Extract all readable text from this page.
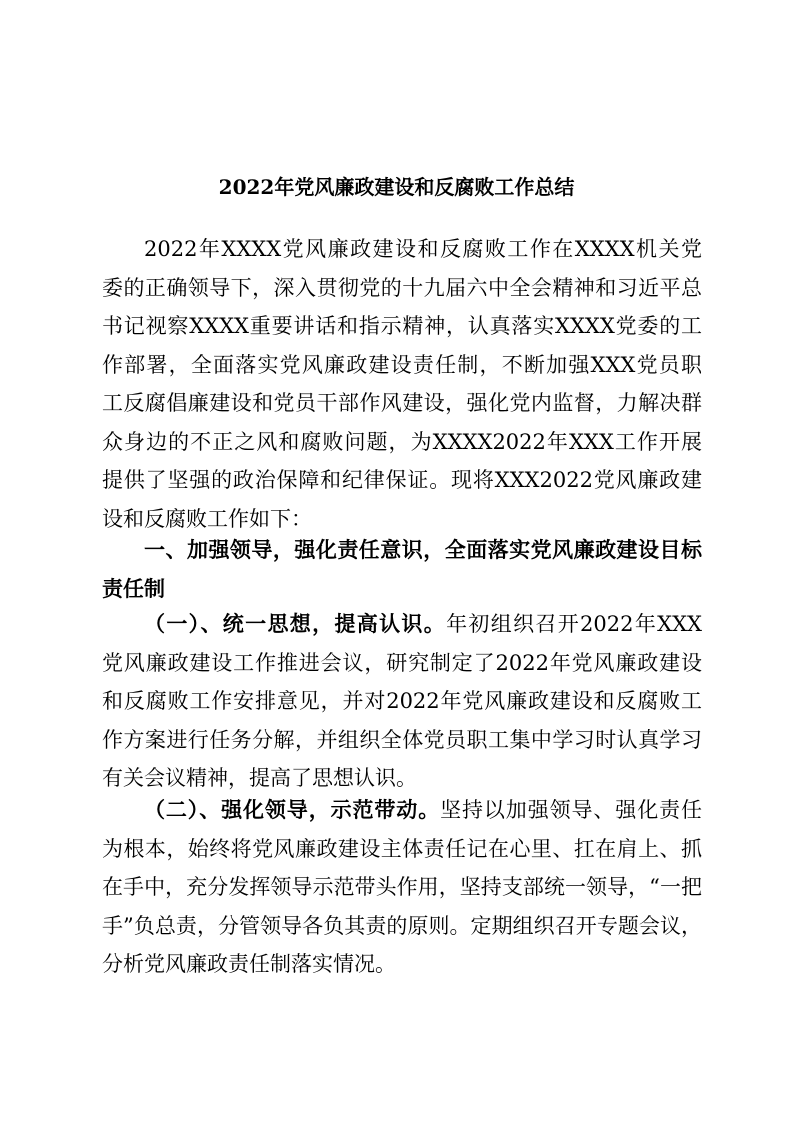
2022年党风廉政建设和反腐败工作总结
2022年XXXX党风廉政建设和反腐败工作在XXXX机关党
委的正确领导下，深入贯彻党的十九届六中全会精神和习近平总
书记视察XXXX重要讲话和指示精神，认真落实XXXX党委的工
作部署，全面落实党风廉政建设责任制，不断加强XXX党员职
工反腐倡廉建设和党员干部作风建设，强化党内监督，力解决群
众身边的不正之风和腐败问题，为XXXX2022年XXX工作开展
提供了坚强的政治保障和纪律保证。现将XXX2022党风廉政建
设和反腐败工作如下：
一、加强领导，强化责任意识，全面落实党风廉政建设目标
责任制
（一）、统一思想，提高认识。年初组织召开2022年XXX
党风廉政建设工作推进会议，研究制定了2022年党风廉政建设
和反腐败工作安排意见，并对2022年党风廉政建设和反腐败工
作方案进行任务分解，并组织全体党员职工集中学习时认真学习
有关会议精神，提高了思想认识。
（二）、强化领导，示范带动。坚持以加强领导、强化责任
为根本，始终将党风廉政建设主体责任记在心里、扛在肩上、抓
在手中，充分发挥领导示范带头作用，坚持支部统一领导，“一把
手”负总责，分管领导各负其责的原则。定期组织召开专题会议，
分析党风廉政责任制落实情况。
